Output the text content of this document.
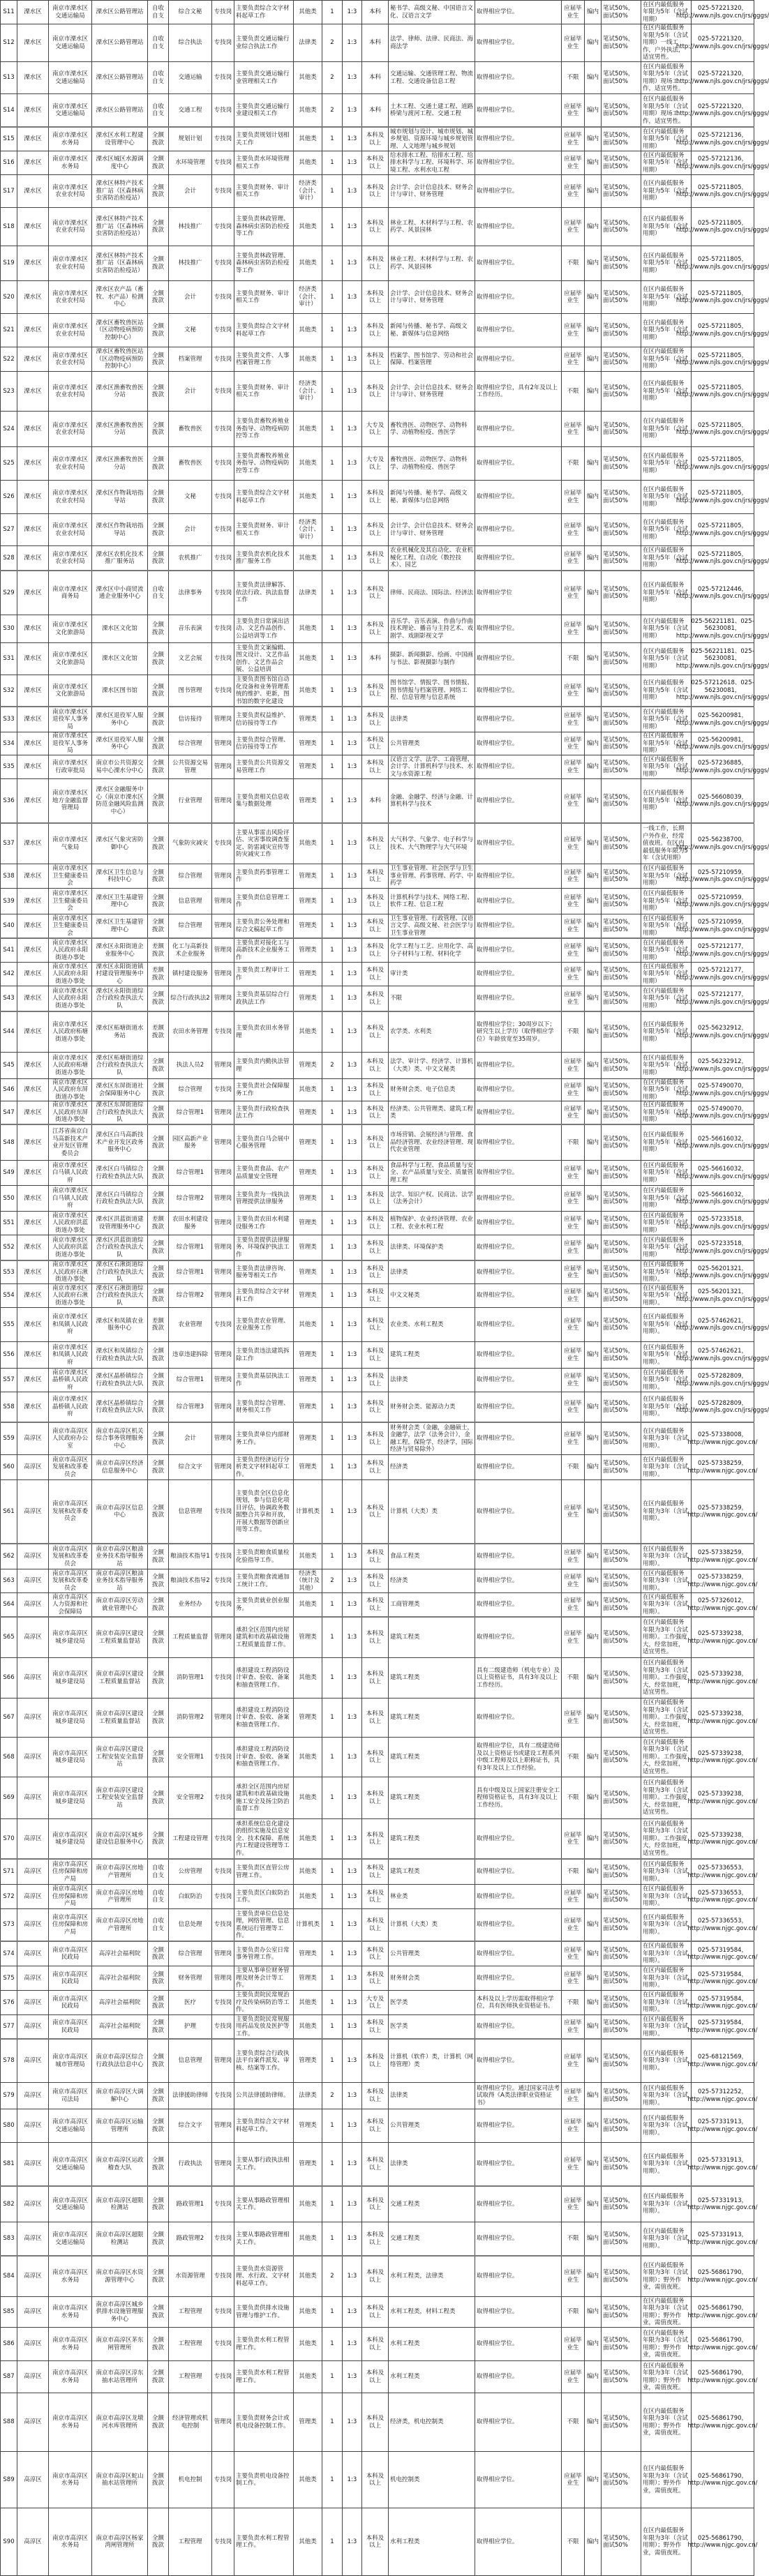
S11	溧水区	南京市溧水区交通运输局	溧水区公路管理站	自收自支	综合文秘	专技岗	主要负责综合文字材料起草工作	其他类	1	1:3	本科	秘书学、高级文秘、中国语言文化、汉语言文学	取得相应学位。	应届毕业生	编内	笔试50%，面试50%	在区内最低服务年限为5年（含试用期）	025-57221320，http://www.njls.gov.cn/jrs/gggs/

S12	溧水区	南京市溧水区交通运输局	溧水区公路管理站	自收自支	综合执法	专技岗	主要负责交通运输行业综合执法工作	法律类	2	1:3	本科	法学、律师、法律、民商法、海商法学	取得相应学位。	应届毕业生	编内	笔试50%，面试50%	在区内最低服务年限为5年（含试用期）一线工作，户外执法，适宜男性。	025-57221320，http://www.njls.gov.cn/jrs/gggs/

S13	溧水区	南京市溧水区交通运输局	溧水区公路管理站	自收自支	交通运输	专技岗	主要负责交通运输行业管理相关工作	其他类	2	1:3	本科	交通运输、交通管理工程、物流工程、交通设备信息工程	取得相应学位。	不限	编内	笔试50%，面试50%	在区内最低服务年限为5年（含试用期）现场工作，适宜男性。	025-57221320，http://www.njls.gov.cn/jrs/gggs/

S14	溧水区	南京市溧水区交通运输局	溧水区公路管理站	自收自支	交通工程	专技岗	主要负责交通运输行业建设相关工作	其他类	2	1:3	本科	土木工程、交通土建工程、道路桥梁与渡河工程、交通工程	取得相应学位。	应届毕业生	编内	笔试50%，面试50%	在区内最低服务年限为5年（含试用期）现场工作，适宜男性。	025-57221320，http://www.njls.gov.cn/jrs/gggs/

S15	溧水区	南京市溧水区水务局	溧水区水利工程建设管理中心	全额拨款	规划计划	专技岗	主要负责规划计划相关工作	其他类	1	1:3	本科及以上	城市规划与设计、城市规划、城乡规划、资源环境与城乡规划管理、人文地理与城乡规划	取得相应学位。	应届毕业生	编内	笔试50%，面试50%	在区内最低服务年限为5年（含试用期）	025-57212136，http://www.njls.gov.cn/jrs/gggs/

S16	溧水区	南京市溧水区水务局	溧水区城区水源调度中心	全额拨款	水环境管理	专技岗	主要负责水环境管理相关工作	其他类	1	1:3	本科及以上	给水排水工程、给排水工程、给排水科学与工程、环境科学、环境工程、水利水电工程	取得相应学位。	应届毕业生	编内	笔试50%，面试50%	在区内最低服务年限为5年（含试用期）	025-57212136，http://www.njls.gov.cn/jrs/gggs/

S17	溧水区	南京市溧水区农业农村局	溧水区林特产技术推广站（区森林病虫害防治检疫站）	全额拨款	会计	专技岗	主要负责财务、审计相关工作	经济类（会计、审计）	1	1:3	本科及以上	会计学、会计信息技术、财务会计与审计、财务管理	取得相应学位。	应届毕业生	编内	笔试50%，面试50%	在区内最低服务年限为5年（含试用期）	025-57211805，http://www.njls.gov.cn/jrs/gggs/

S18	溧水区	南京市溧水区农业农村局	溧水区林特产技术推广站（区森林病虫害防治检疫站）	全额拨款	林技推广	专技岗	主要负责林政管理、森林病虫害防治检疫等工作	其他类	1	1:3	本科及以上	林业工程、木材科学与工程、农药学、风景园林	取得相应学位。	应届毕业生	编内	笔试50%，面试50%	在区内最低服务年限为5年（含试用期）	025-57211805，http://www.njls.gov.cn/jrs/gggs/

S19	溧水区	南京市溧水区农业农村局	溧水区林特产技术推广站（区森林病虫害防治检疫站）	全额拨款	林技推广	专技岗	主要负责林政管理、森林病虫害防治检疫等工作	其他类	1	1:3	本科及以上	林业工程、木材科学与工程、农药学、风景园林	取得相应学位。	不限	编内	笔试50%，面试50%	在区内最低服务年限为5年（含试用期）	025-57211805，http://www.njls.gov.cn/jrs/gggs/

S20	溧水区	南京市溧水区农业农村局	溧水区农产品（畜牧、水产品）检测中心	全额拨款	会计	专技岗	主要负责财务、审计相关工作	经济类（会计、审计）	1	1:3	本科及以上	会计学、会计信息技术、财务会计与审计、财务管理	取得相应学位。	应届毕业生	编内	笔试50%，面试50%	在区内最低服务年限为5年（含试用期）	025-57211805，http://www.njls.gov.cn/jrs/gggs/

S21	溧水区	南京市溧水区农业农村局	溧水区畜牧兽医站（区动物疫病预防控制中心）	全额拨款	文秘	专技岗	主要负责综合文字材料起草工作	其他类	1	1:3	本科及以上	新闻与传播、秘书学、高级文秘、新媒体与信息网络	取得相应学位。	应届毕业生	编内	笔试50%，面试50%	在区内最低服务年限为5年（含试用期）	025-57211805，http://www.njls.gov.cn/jrs/gggs/

S22	溧水区	南京市溧水区农业农村局	溧水区畜牧兽医站（区动物疫病预防控制中心）	全额拨款	档案管理	专技岗	主要负责文件、人事档案管理工作	其他类	1	1:3	本科及以上	档案学、图书馆学、劳动和社会保障、档案管理	取得相应学位。	应届毕业生	编内	笔试50%，面试50%	在区内最低服务年限为5年（含试用期）	025-57211805，http://www.njls.gov.cn/jrs/gggs/

S23	溧水区	南京市溧水区农业农村局	溧水区渔畜牧兽医分站	全额拨款	会计	专技岗	主要负责财务、审计相关工作	经济类（会计、审计）	1	1:3	本科及以上	会计学、会计信息技术、财务会计与审计、财务管理	取得相应学位，具有2年及以上工作经历。	不限	编内	笔试50%，面试50%	在区内最低服务年限为5年（含试用期）	025-57211805，http://www.njls.gov.cn/jrs/gggs/

S24	溧水区	南京市溧水区农业农村局	溧水区渔畜牧兽医分站	全额拨款	畜牧兽医	专技岗	主要负责畜牧养殖业务指导、动物疫病防控等工作	其他类	1	1:3	大专及以上	畜牧兽医、动物医学、动物科学、动植物检疫、兽医学	取得相应学位。	应届毕业生	编内	笔试50%，面试50%	在区内最低服务年限为5年（含试用期）	025-57211805，http://www.njls.gov.cn/jrs/gggs/

S25	溧水区	南京市溧水区农业农村局	溧水区渔畜牧兽医分站	全额拨款	畜牧兽医	专技岗	主要负责畜牧养殖业务指导、动物疫病防控等工作	其他类	1	1:3	大专及以上	畜牧兽医、动物医学、动物科学、动植物检疫、兽医学	取得相应学位。	不限	编内	笔试50%，面试50%	在区内最低服务年限为5年（含试用期）	025-57211805，http://www.njls.gov.cn/jrs/gggs/

S26	溧水区	南京市溧水区农业农村局	溧水区作物栽培指导站	全额拨款	文秘	专技岗	主要负责综合文字材料起草工作	其他类	1	1:3	本科及以上	新闻与传播、秘书学、高级文秘、新媒体与信息网络	取得相应学位。	应届毕业生	编内	笔试50%，面试50%	在区内最低服务年限为5年（含试用期）	025-57211805，http://www.njls.gov.cn/jrs/gggs/

S27	溧水区	南京市溧水区农业农村局	溧水区作物栽培指导站	全额拨款	会计	专技岗	主要负责财务、审计相关工作	经济类（会计、审计）	1	1:3	本科及以上	会计学、会计信息技术、财务会计与审计、财务管理	取得相应学位。	应届毕业生	编内	笔试50%，面试50%	在区内最低服务年限为5年（含试用期）	025-57211805，http://www.njls.gov.cn/jrs/gggs/

S28	溧水区	南京市溧水区农业农村局	溧水区农机化技术推广服务站	全额拨款	农机推广	专技岗	主要负责农机化技术推广服务工作	其他类	1	1:3	本科及以上	农业机械化及其自动化、农业机械化工程、自动化（数控技术）、园艺	取得相应学位。	应届毕业生	编内	笔试50%，面试50%	在区内最低服务年限为5年（含试用期）	025-57211805，http://www.njls.gov.cn/jrs/gggs/

S29	溧水区	南京市溧水区商务局	溧水区中小商贸流通企业服务中心	自收自支	法律事务	专技岗	主要负责法律解答、依法行政、执法监督工作	法律类	1	1:3	本科及以上	律师、民商法、国际法、经济法	取得相应学位	应届毕业生	编内	笔试50%，面试50%	在区内最低服务年限为5年（含试用期）	025-57212446，http://www.njls.gov.cn/jrs/gggs/

S30	溧水区	南京市溧水区文化旅游局	溧水区文化馆	全额拨款	音乐表演	专技岗	主要负责日常演出活动、文艺作品创作、公益培训等工作	其他类	1	1:3	本科及以上	音乐学、音乐表演、作曲与作曲技术理论、播音与主持艺术、戏剧学、戏剧影视文学	取得相应学位。	应届毕业生	编内	笔试50%，面试50%	在区内最低服务年限为5年（含试用期）	025-56221181、025-56230081，http://www.njls.gov.cn/jrs/gggs/

S31	溧水区	南京市溧水区文化旅游局	溧水区文化馆	全额拨款	文艺会展	专技岗	主要负责文案编辑、图文设计、文艺作品创作、文艺作品会展、公益培训	其他类	1	1:3	本科	摄影、新闻摄影、绘画、中国画与书法、影视摄影与制作	取得相应学位。	不限	编内	笔试50%，面试50%	在区内最低服务年限为5年（含试用期）	025-56221181、025-56230081，http://www.njls.gov.cn/jrs/gggs/

S32	溧水区	南京市溧水区文化旅游局	溧水区图书馆	全额拨款	图书管理	专技岗	主要负责图书馆自动化设备和业务管理系统的维护、更新，图书馆的数字化建设	其他类	1	1:3	本科及以上	图书馆学、情报学、图书情报、图书情报与档案管理、网络工程、信息管理与信息系统	取得相应学位。	应届毕业生	编内	笔试50%，面试50%	在区内最低服务年限为5年（含试用期）	025-57212618、025-56230081，http://www.njls.gov.cn/jrs/gggs/

S33	溧水区	南京市溧水区退役军人事务局	溧水区退役军人服务中心	全额拨款	信访接待	管理岗	主要负责权益维护、信访接待等工作	管理类	1	1:3	本科及以上	法律类	取得相应学位。	应届毕业生	编内	笔试50%，面试50%	在区内最低服务年限为5年（含试用期）	025-56200981，http://www.njls.gov.cn/jrs/gggs/

S34	溧水区	南京市溧水区退役军人事务局	溧水区退役军人服务中心	全额拨款	综合管理	管理岗	主要负责综合管理、信访接待等工作	管理类	1	1:3	本科及以上	公共管理类	取得相应学位。	应届毕业生	编内	笔试50%，面试50%	在区内最低服务年限为5年（含试用期）	025-56200981，http://www.njls.gov.cn/jrs/gggs/

S35	溧水区	南京市溧水区行政审批局	南京市公共资源交易中心溧水分中心	全额拨款	公共资源交易管理	管理岗	主要负责公共资源交易管理工作	管理类	1	1:3	本科及以上	汉语言文学、法学、工商管理、会计学、计算机科学与技术、水文与水资源工程	取得相应学位。	应届毕业生	编内	笔试50%，面试50%	在区内最低服务年限为5年（含试用期）	025-57236885，http://www.njls.gov.cn/jrs/gggs/

S36	溧水区	南京市溧水区地方金融监督管理局	溧水区金融服务中心（南京市溧水区防范金融风险监测中心）	全额拨款	行业管理	管理岗	主要负责相关信息收集与数据处理	管理类	1	1:3	本科	金融、金融学、经济与金融、计算机科学与技术	取得相应学位。	应届毕业生	编内	笔试50%，面试50%	在区内最低服务年限为5年（含试用期）	025-56608039，http://www.njls.gov.cn/jrs/gggs/

S37	溧水区	南京市溧水区气象局	溧水区气象灾害防御中心	全额拨款	气象防灾减灾	专技岗	主要从事雷击风险评估、灾害事故调查鉴定、防雷减灾宣传等防灾减灾工作	其他类	1	1:3	本科及以上	大气科学、气象学、电子科学与技术、大气物理学与大气环境	取得相应学位。	应届毕业生	编内	笔试50%，面试50%	一线工作，长期户外作业，经常值夜班。在区内最低服务年限为5年（含试用期）	025-56238700，http://www.njls.gov.cn/jrs/gggs/

S38	溧水区	南京市溧水区卫生健康委员会	溧水区卫生信息与科技中心	全额拨款	综合管理	管理岗	主要负责药事管理工作	管理类	1	1:3	本科及以上	卫生事业管理、社会医学与卫生事业管理、药事管理、药学、中药学	取得相应学位。	应届毕业生	编内	笔试50%，面试50%	在区内最低服务年限为5年（含试用期）	025-57210959，http://www.njls.gov.cn/jrs/gggs/

S39	溧水区	南京市溧水区卫生健康委员会	溧水区卫生基建管理中心	全额拨款	信息管理	管理岗	主要负责信息管理工作	管理类	1	1:3	本科及以上	计算机科学与技术、网络工程、软件工程、信息工程	取得相应学位。	应届毕业生	编内	笔试50%，面试50%	在区内最低服务年限为5年（含试用期）	025-57210959，http://www.njls.gov.cn/jrs/gggs/

S40	溧水区	南京市溧水区卫生健康委员会	溧水区卫生基建管理中心	全额拨款	综合管理	管理岗	主要负责公务处理和综合文稿起草工作	管理类	1	1:3	本科及以上	卫生事业管理、行政管理、汉语言文学、高级文秘、社会医学与卫生事业管理	取得相应学位。	应届毕业生	编内	笔试50%，面试50%	在区内最低服务年限为5年（含试用期）	025-57210959，http://www.njls.gov.cn/jrs/gggs/

S41	溧水区	南京市溧水区人民政府永阳街道办事处	溧水区永阳街道企业服务中心	差额拨款	化工与高新技术企业服务	管理岗	主要负责对接化工与高新技术企业服务工作	管理类	1	1:3	本科及以上	化学工程与工艺、应用化学、高分子材料与工程、材料化学	取得相应学位。	应届毕业生	编内	笔试50%，面试50%	在区内最低服务年限为5年（含试用期）	025-57212177，http://www.njls.gov.cn/jrs/gggs/

S42	溧水区	南京市溧水区人民政府永阳街道办事处	溧水区永阳街道镇村建设管理服务中心	差额拨款	镇村建设服务	管理岗	主要负责工程审计工作	管理类	1	1:3	本科及以上	审计类	取得相应学位。	应届毕业生	编内	笔试50%，面试50%	在区内最低服务年限为5年（含试用期）	025-57212177，http://www.njls.gov.cn/jrs/gggs/

S43	溧水区	南京市溧水区人民政府永阳街道办事处	溧水区永阳街道综合行政检查执法大队	全额拨款	综合行政执法2	管理岗	主要负责基层综合行政执法工作	管理类	1	1:3	本科及以上	不限	取得相应学位。	应届毕业生	编内	笔试50%，面试50%	在区内最低服务年限为5年（含试用期）	025-57212177，http://www.njls.gov.cn/jrs/gggs/

S44	溧水区	南京市溧水区人民政府柘塘街道办事处	溧水区柘塘街道水务站	差额拨款	农田水务管理	专技岗	主要负责农田水务管理	其他类	1	1:3	本科及以上	农学类、水利类	取得相应学位；30周岁以下；研究生以上学历（取得相应学位）年龄放宽至35周岁。	不限	编内	笔试50%，面试50%	在区内最低服务年限为5年（含试用期）	025-56232912，http://www.njls.gov.cn/jrs/gggs/

S45	溧水区	南京市溧水区人民政府柘塘街道办事处	溧水区柘塘街道综合行政检查执法大队	全额拨款	执法人员2	管理岗	主要负责内勤执法管理	管理类	2	1:3	本科及以上	法学、审计学、经济学、计算机（大类）类、中文文秘类	取得相应学位。	应届毕业生	编内	笔试50%，面试50%	在区内最低服务年限为5年（含试用期）	025-56232912，http://www.njls.gov.cn/jrs/gggs/

S46	溧水区	南京市溧水区人民政府东屏街道办事处	溧水区东屏街道社会保障服务中心	全额拨款	综合管理	专技岗	主要负责社会保障服务工作	其他类	1	1:3	本科及以上	财务财会类、电子信息类	取得相应学位。	应届毕业生	编内	笔试50%，面试50%	在区内最低服务年限为5年（含试用期）	025-57490070，http://www.njls.gov.cn/jrs/gggs/

S47	溧水区	南京市溧水区人民政府东屏街道办事处	溧水区东屏街道综合行政检查执法大队	全额拨款	综合管理1	管理岗	主要负责行政检查执法工作	管理类	1	1:3	本科及以上	经济类、公共管理类、建筑工程类	取得相应学位。	应届毕业生	编内	笔试50%，面试50%	在区内最低服务年限为5年（含试用期）	025-57490070，http://www.njls.gov.cn/jrs/gggs/

S48	溧水区	江苏省南京白马高新技术产业开发区管理委员会	溧水区白马高新技术产业开发区政务服务中心	全额拨款	园区高新产业服务	管理岗	主要负责白马会展中心服务管理	管理类	1	1:3	本科及以上	市场营销、会展经济与管理、食品经济管理、农业经济管理、现代农业管理	取得相应学位。	不限	编内	笔试50%，面试50%	在区内最低服务年限为5年（含试用期）	025-56616032，http://www.njls.gov.cn/jrs/gggs/

S49	溧水区	南京市溧水区白马镇人民政府	溧水区白马镇综合行政检查执法大队	全额拨款	综合管理1	管理岗	主要负责食品、农产品质量安全管理	管理类	1	1:3	本科及以上	食品科学与工程、食品质量与安全、农产品质量与安全、质量管理工程	取得相应学位。	应届毕业生	编内	笔试50%，面试50%	在区内最低服务年限为5年（含试用期）	025-56616032，http://www.njls.gov.cn/jrs/gggs/

S50	溧水区	南京市溧水区白马镇人民政府	溧水区白马镇综合行政检查执法大队	全额拨款	综合管理2	管理岗	主要负责为一线执法管理提供法律服务	管理类	1	1:3	本科及以上	法学、知识产权、民商法、法学（法务会计）	取得相应学位。	应届毕业生	编内	笔试50%，面试50%	在区内最低服务年限为5年（含试用期）	025-56616032，http://www.njls.gov.cn/jrs/gggs/

S51	溧水区	南京市溧水区人民政府洪蓝街道办事处	溧水区洪蓝街道建设管理服务中心	差额拨款	农田水利建设服务	管理岗	主要负责农田水利建设服务工作	管理类	1	1:3	本科及以上	植物保护、农业经济管理、农业工程、农业水利工程	取得相应学位。	应届毕业生	编内	笔试50%，面试50%	在区内最低服务年限为5年（含试用期）	025-57233518，http://www.njls.gov.cn/jrs/gggs/

S52	溧水区	南京市溧水区人民政府洪蓝街道办事处	溧水区洪蓝街道综合行政检查执法大队	全额拨款	综合管理1	管理岗	主要负责提供法律服务、环境保护执法工作	管理类	1	1:3	本科及以上	法律类、环境保护类	取得相应学位。	应届毕业生	编内	笔试50%，面试50%	在区内最低服务年限为5年（含试用期）	025-57233518，http://www.njls.gov.cn/jrs/gggs/

S53	溧水区	南京市溧水区人民政府石湫街道办事处	溧水区石湫街道综合行政检查执法大队	全额拨款	综合管理1	管理岗	主要负责法律咨询、服务等相关工作	管理类	1	1:3	本科及以上	法律类	取得相应学位。	应届毕业生	编内	笔试50%，面试50%	在区内最低服务年限为5年（含试用期）。	025-56201321，http://www.njls.gov.cn/jrs/gggs/

S54	溧水区	南京市溧水区人民政府石湫街道办事处	溧水区石湫街道综合行政检查执法大队	全额拨款	综合管理2	管理岗	主要负责综合文字材料工作	管理类	1	1:3	本科及以上	中文文秘类	取得相应学位。	应届毕业生	编内	笔试50%，面试50%	在区内最低服务年限为5年（含试用期）。	025-56201321，http://www.njls.gov.cn/jrs/gggs/

S55	溧水区	南京市溧水区和凤镇人民政府	溧水区和凤镇农业服务中心	差额拨款	农业管理	专技岗	主要负责农业管理、农业服务工作	其他类	1	1:3	本科及以上	农业类、水利工程类	取得相应学位。	应届毕业生	编内	笔试50%，面试50%	在区内最低服务年限为5年（含试用期）。	025-57462621，http://www.njls.gov.cn/jrs/gggs/

S56	溧水区	南京市溧水区和凤镇人民政府	溧水区和凤镇综合行政检查执法大队	全额拨款	违章违建拆除	管理岗	主要负责违法建筑拆除工作	管理类	1	1:3	本科及以上	建筑工程类	取得相应学位。	应届毕业生	编内	笔试50%，面试50%	在区内最低服务年限为5年（含试用期）。	025-57462621，http://www.njls.gov.cn/jrs/gggs/

S57	溧水区	南京市溧水区晶桥镇人民政府	溧水区晶桥镇综合行政检查执法大队	全额拨款	综合管理1	管理岗	主要负责基层执法工作	管理类	1	1:3	本科及以上	法律类	取得相应学位。	应届毕业生	编内	笔试50%，面试50%	在区内最低服务年限为5年（含试用期）。	025-57282809，http://www.njls.gov.cn/jrs/gggs/

S58	溧水区	南京市溧水区晶桥镇人民政府	溧水区晶桥镇综合行政检查执法大队	全额拨款	综合管理3	管理岗	主要负责综合管理、财务相关工作	管理类	1	1:3	本科及以上	财务财会类、能源动力类	取得相应学位。	应届毕业生	编内	笔试50%，面试50%	在区内最低服务年限为5年（含试用期）。	025-57282809，http://www.njls.gov.cn/jrs/gggs/

S59	高淳区	南京市高淳区人民政府办公室	南京市高淳区机关综合事务管理服务中心	全额拨款	会计	管理岗	主要负责单位内部财务工作。	管理类	1	1:3	本科及以上	财务财会类（金融，金融硕士，金融学，法学（法务会计），金融工程，保险学，经济学，国际经济与贸易除外）	取得相应学位。	应届毕业生	编内	笔试50%，面试50%	在区内最低服务年限为3年（含试用期）。	025-57338008，http://www.njgc.gov.cn/

S60	高淳区	南京市高淳区发展和改革委员会	南京市高淳区经济信息服务中心	全额拨款	综合文字	管理岗	主要负责经济运行分析类文字材料起草工作。	管理类	1	1:3	本科及以上	经济类	取得相应学位。	不限	编内	笔试50%，面试50%	在区内最低服务年限为3年（含试用期）。	025-57338259，http://www.njgc.gov.cn/

S61	高淳区	南京市高淳区发展和改革委员会	南京市高淳区信息中心	全额拨款	信息管理	专技岗	主要负责全区信息化规划，参与信息化项目评估，协调政务数据整合共享和开放，开展大数据等创新应用等工作。	计算机类	1	1:3	本科及以上	计算机（大类）类	取得相应学位。	应届毕业生	编内	笔试50%，面试50%	在区内最低服务年限为3年（含试用期）。	025-57338259，http://www.njgc.gov.cn/

S62	高淳区	南京市高淳区发展和改革委员会	南京市高淳区粮油业务技术指导服务站	全额拨款	粮油技术指导1	专技岗	主要负责粮食质量检化验指导工作。	其他类	1	1:3	本科及以上	食品工程类	取得相应学位。	应届毕业生	编内	笔试50%，面试50%	在区内最低服务年限为3年（含试用期）。	025-57338259，http://www.njgc.gov.cn/

S63	高淳区	南京市高淳区发展和改革委员会	南京市高淳区粮油业务技术指导服务站	全额拨款	粮油技术指导2	专技岗	主要负责粮食流通加工统计工作。	经济类（统计及其他）	2	1:3	本科及以上	经济类	取得相应学位。	应届毕业生	编内	笔试50%，面试50%	在区内最低服务年限为3年（含试用期）。	025-57338259，http://www.njgc.gov.cn/

S64	高淳区	南京市高淳区人力资源和社会保障局	南京市高淳区劳动就业管理中心	全额拨款	业务经办	专技岗	主要负责就业创业服务。	其他类	1	1:3	本科及以上	工商管理类	取得相应学位。	应届毕业生	编内	笔试50%，面试50%	在区内最低服务年限为3年（含试用期）。	025-57326012，http://www.njgc.gov.cn/

S65	高淳区	南京市高淳区城乡建设局	南京市高淳区建设工程质量监督站	全额拨款	工程质量监督	管理岗	承担全区范围内房屋建筑和市政基础设施工程质量监督工作。	管理类	1	1:3	本科及以上	建筑工程类	取得相应学位。	应届毕业生	编内	笔试50%，面试50%	在区内最低服务年限为3年（含试用期）。工作强度大，经常加班，适宜男性。	025-57339238，http://www.njgc.gov.cn/

S66	高淳区	南京市高淳区城乡建设局	南京市高淳区建设工程质量监督站	全额拨款	消防管理1	专技岗	承担建设工程消防设计审查、验收、备案和抽查管理工作。	其他类	1	1:3	本科及以上	建筑工程类	具有二级建造师（机电专业）及以上资格证书，具有3年及以上工作经历。	不限	编内	笔试50%，面试50%	在区内最低服务年限为3年（含试用期）。工作强度大，经常加班，适宜男性。	025-57339238，http://www.njgc.gov.cn/

S67	高淳区	南京市高淳区城乡建设局	南京市高淳区建设工程质量监督站	全额拨款	消防管理2	管理岗	承担建设工程消防设计审查、验收、备案和抽查管理工作。	管理类	1	1:3	本科及以上	建筑工程类	取得相应学位。	应届毕业生	编内	笔试50%，面试50%	在区内最低服务年限为3年（含试用期）。工作强度大，经常加班，适宜男性。	025-57339238，http://www.njgc.gov.cn/

S68	高淳区	南京市高淳区城乡建设局	南京市高淳区建设工程安装安全监督站	全额拨款	安全管理1	专技岗	承担建设工程消防设计审查、验收、备案和抽查管理工作。	其他类	1	1:3	本科及以上	建筑工程类	取得相应学位，具有二级建造师及以上资格证书或建设工程系列中级工程师及以上职称证书，具有3年及以上工作经验。	不限	编内	笔试50%，面试50%	在区内最低服务年限为3年（含试用期）。工作强度大，经常加班，适宜男性。	025-57339238，http://www.njgc.gov.cn/

S69	高淳区	南京市高淳区城乡建设局	南京市高淳区建设工程安装安全监督站	全额拨款	安全管理2	专技岗	承担全区范围内房屋建筑和市政基础设施施工安全及扬尘防治监督工作	其他类	1	1:3	本科及以上	建筑工程类	具有中级及以上国家注册安全工程师资格证书，具有3年及以上工作经历。	不限	编内	笔试50%，面试50%	在区内最低服务年限为3年（含试用期）。工作强度大，经常加班，适宜男性。	025-57339238，http://www.njgc.gov.cn/

S70	高淳区	南京市高淳区城乡建设局	南京市高淳区城乡建设信息服务中心	全额拨款	工程建设管理	专技岗	承担系统信息化建设的组织实施及信息安全、技术保障、系统内工程建设管理等工作。	其他类	1	1:3	本科及以上	建筑工程类	取得相应学位。	应届毕业生	编内	笔试50%，面试50%	在区内最低服务年限为3年（含试用期）。工作强度大，经常加班，适宜男性。	025-57339238，http://www.njgc.gov.cn/

S71	高淳区	南京市高淳区住房保障和房产局	南京市高淳区房地产管理所	自收自支	公房管理	专技岗	主要负责区直管公房管理工作。	其他类	1	1:3	本科及以上	建筑工程类	取得相应学位。	不限	编内	笔试50%，面试50%	在区内最低服务年限为3年（含试用期）。	025-57336553，http://www.njgc.gov.cn/

S72	高淳区	南京市高淳区住房保障和房产局	南京市高淳区房地产管理所	自收自支	白蚁防治	专技岗	主要负责区白蚁防治工作。	其他类	1	1:3	本科及以上	林业类	取得相应学位。	应届毕业生	编内	笔试50%，面试50%	在区内最低服务年限为3年（含试用期）。	025-57336553，http://www.njgc.gov.cn/

S73	高淳区	南京市高淳区住房保障和房产局	南京市高淳区房地产管理所	自收自支	信息处理	专技岗	主要负责单位信息处理，网络管理、信息系统运行管理等工作。	计算机类	1	1:3	本科及以上	计算机（大类）类	取得相应学位。	应届毕业生	编内	笔试50%，面试50%	在区内最低服务年限为3年（含试用期）。	025-57336553，http://www.njgc.gov.cn/

S74	高淳区	南京市高淳区民政局	高淳社会福利院	全额拨款	综合管理	管理岗	主要负责办公室日常事务管理工作。	管理类	1	1:3	本科及以上	公共管理类	取得相应学位。	应届毕业生	编内	笔试50%，面试50%	在区内最低服务年限为3年（含试用期）。	025-57319584，http://www.njgc.gov.cn/

S75	高淳区	南京市高淳区民政局	高淳社会福利院	全额拨款	财务管理	管理岗	主要从事单位财务管理及财务会计等工作。	管理类	1	1:3	本科及以上	财务财会类	取得相应学位。	应届毕业生	编内	笔试50%，面试50%	在区内最低服务年限为3年（含试用期）。	025-57319584，http://www.njgc.gov.cn/

S76	高淳区	南京市高淳区民政局	高淳社会福利院	全额拨款	医疗	专技岗	主要负责院民常规治疗及传染病防治等工作。	其他类	1	1:3	大专及以上	医学类	本科及以上学历需取得相应学位，具有医师执业资格证书。	不限	编内	笔试50%，面试50%	在区内最低服务年限为3年（含试用期）。	025-57319584，http://www.njgc.gov.cn/

S77	高淳区	南京市高淳区民政局	高淳社会福利院	全额拨款	护理	专技岗	主要负责院民常规服用药品发放及医护等工作。	其他类	1	1:3	本科及以上	医学类	取得相应学位。	应届毕业生	编内	笔试50%，面试50%	在区内最低服务年限为3年（含试用期）。	025-57319584，http://www.njgc.gov.cn/

S78	高淳区	南京市高淳区城市管理局	南京市高淳区综合行政执法信息中心	全额拨款	信息管理	管理岗	主要负责综合行政执法平台案件派发、审核、结案等工作。	管理类	1	1:3	本科及以上	计算机（软件）类，计算机（网络管理）类	取得相应学位。	应届毕业生	编内	笔试50%，面试50%	在区内最低服务年限为3年（含试用期）。	025-68121569，http://www.njgc.gov.cn/

S79	高淳区	南京市高淳区司法局	南京市高淳区大调解中心	全额拨款	法律援助律师	专技岗	公共法律援助律师。	法律类	2	1:3	本科及以上	法律类	取得相应学位。通过国家司法考试取得《A类法律职业资格证书》	应届毕业生	编内	笔试50%，面试50%	在区内最低服务年限为3年（含试用期）。	025-57312252，http://www.njgc.gov.cn/

S80	高淳区	南京市高淳区交通运输局	南京市高淳区运输管理所	全额拨款	综合文字	管理岗	主要负责综合文字材料起草工作。	管理类	1	1:3	本科及以上	公共管理类	取得相应学位。	应届毕业生	编内	笔试50%，面试50%	在区内最低服务年限为3年（含试用期）。	025-57331913，http://www.njgc.gov.cn/

S81	高淳区	南京市高淳区交通运输局	南京市高淳区运政稽查大队	全额拨款	行政执法	管理岗	主要从事行政执法相关工作。	管理类	1	1:3	本科及以上	法律类	取得相应学位。	应届毕业生	编内	笔试50%，面试50%	在区内最低服务年限为3年（含试用期）。	025-57331913，http://www.njgc.gov.cn/

S82	高淳区	南京市高淳区交通运输局	南京市高淳区超限检测站	全额拨款	路政管理1	专技岗	主要从事路政管理相关工作。	其他类	1	1:3	本科及以上	交通工程类	取得相应学位。	应届毕业生	编内	笔试50%，面试50%	在区内最低服务年限为3年（含试用期）。	025-57331913，http://www.njgc.gov.cn/

S83	高淳区	南京市高淳区交通运输局	南京市高淳区超限检测站	全额拨款	路政管理2	专技岗	主要从事路政管理相关工作。	其他类	1	1:3	本科及以上	交通工程类	取得相应学位。	不限	编内	笔试50%，面试50%	在区内最低服务年限为3年（含试用期）。	025-57331913，http://www.njgc.gov.cn/

S84	高淳区	南京市高淳区水务局	南京市高淳区水资源管理中心	全额拨款	水资源管理	专技岗	主要负责水资源管理、水行政、文字材料起草工作。	其他类	2	1:3	本科及以上	水利工程类，法律类	取得相应学位。	应届毕业生	编内	笔试50%，面试50%	在区内最低服务年限为3年（含试用期）；野外作业，需值夜班。	025-56861790，http://www.njgc.gov.cn/

S85	高淳区	南京市高淳区水务局	南京市高淳区城乡供排水设施管理服务中心	全额拨款	工程管理	专技岗	主要负责供排水设施管理与维护工作。	其他类	1	1:3	本科及以上	水利工程类，材料工程类	取得相应学位。	不限	编内	笔试50%，面试50%	在区内最低服务年限为3年（含试用期）；野外作业，需值夜班。	025-56861790，http://www.njgc.gov.cn/

S86	高淳区	南京市高淳区水务局	南京市高淳区茅东闸管理所	全额拨款	工程管理	专技岗	主要负责水利工程管理工作。	其他类	1	1:3	本科及以上	水利工程类	取得相应学位。	应届毕业生	编内	笔试50%，面试50%	在区内最低服务年限为3年（含试用期）；野外作业，需值夜班。	025-56861790，http://www.njgc.gov.cn/

S87	高淳区	南京市高淳区水务局	南京市高淳区淳东抽水站管理所	全额拨款	工程管理	专技岗	主要负责水利工程管理工作。	其他类	1	1:3	本科及以上	水利工程类	取得相应学位。	应届毕业生	编内	笔试50%，面试50%	在区内最低服务年限为3年（含试用期）；野外作业，需值夜班。	025-56861790，http://www.njgc.gov.cn/

S88	高淳区	南京市高淳区水务局	南京市高淳区龙墩河水库管理所	全额拨款	经济管理或机电控制	管理岗	主要负责财务会计或机电设备控制工作。	管理类	1	1:3	本科及以上	经济类，机电控制类	取得相应学位。	不限	编内	笔试50%，面试50%	在区内最低服务年限为3年（含试用期）；野外作业，需值夜班。	025-56861790，http://www.njgc.gov.cn/

S89	高淳区	南京市高淳区水务局	南京市高淳区蛇山抽水站管理所	全额拨款	机电控制	专技岗	主要负责机电设备控制工作。	其他类	1	1:3	本科及以上	机电控制类	取得相应学位。	应届毕业生	编内	笔试50%，面试50%	在区内最低服务年限为3年（含试用期）；野外作业，需值夜班。	025-56861790，http://www.njgc.gov.cn/

S90	高淳区	南京市高淳区水务局	南京市高淳区杨家湾闸管理所	全额拨款	工程管理	专技岗	主要负责水利工程管理工作。	其他类	1	1:3	本科及以上	水利工程类	取得相应学位。	不限	编内	笔试50%，面试50%	在区内最低服务年限为3年（含试用期）；野外作业，需值夜班。	025-56861790，http://www.njgc.gov.cn/
